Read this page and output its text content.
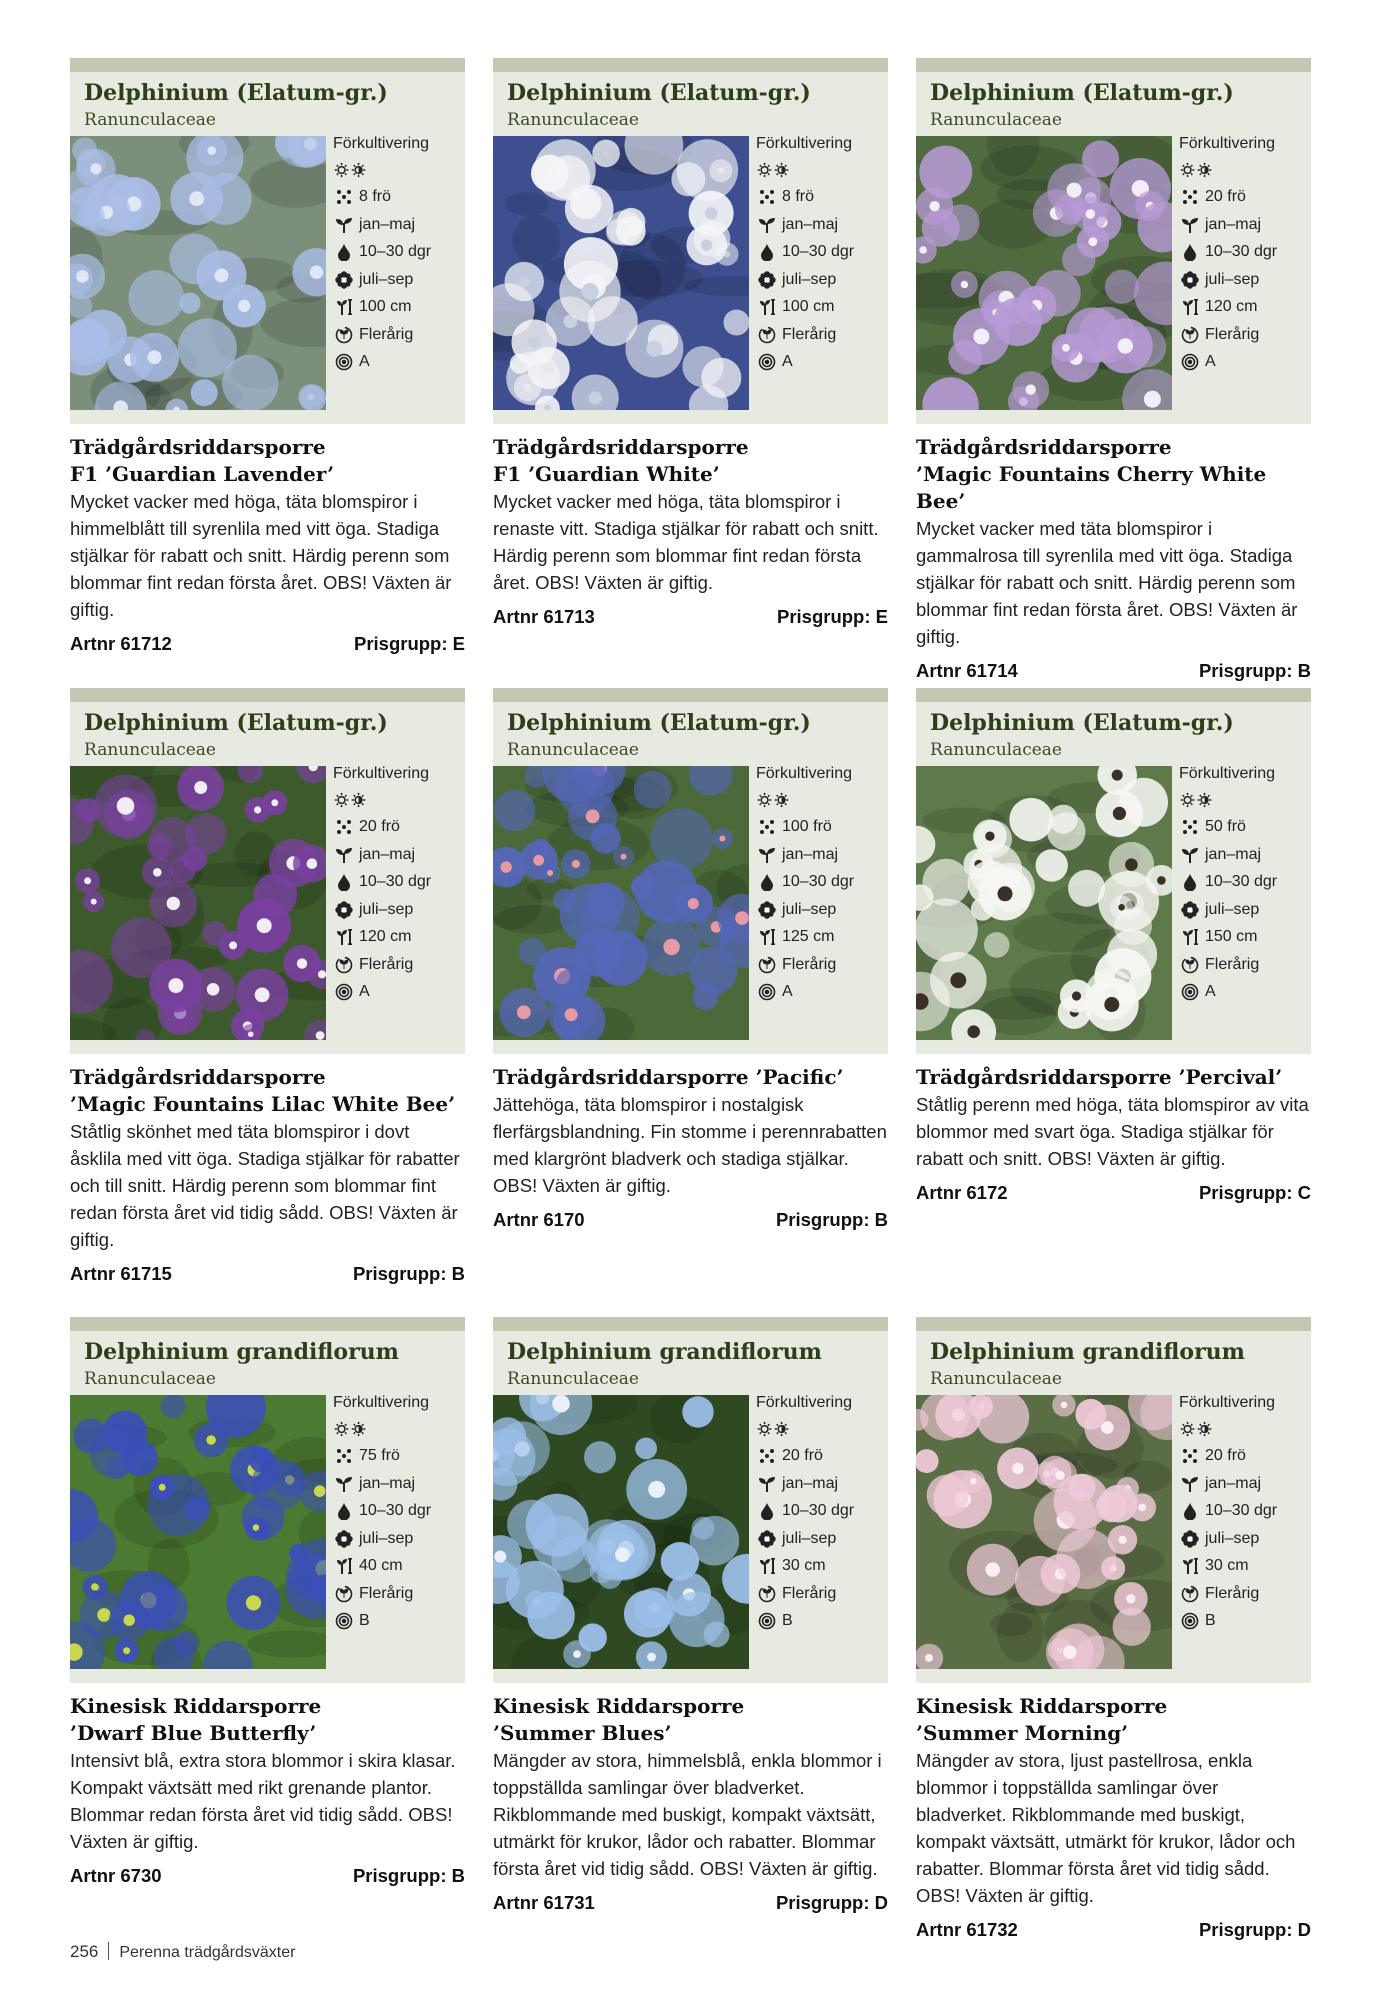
Delphinium (Elatum-gr.)
Ranunculaceae
Förkultivering
8 frö
jan–maj
10–30 dgr
juli–sep
100 cm
Flerårig
A
Trädgårdsriddarsporre
F1 ’Guardian Lavender’
Mycket vacker med höga, täta blomspiror i himmelblått till syrenlila med vitt öga. Stadiga stjälkar för rabatt och snitt. Härdig perenn som blommar fint redan första året. OBS! Växten är giftig.
Artnr 61712	Prisgrupp: E
Delphinium (Elatum-gr.)
Ranunculaceae
Förkultivering
8 frö
jan–maj
10–30 dgr
juli–sep
100 cm
Flerårig
A
Trädgårdsriddarsporre
F1 ’Guardian White’
Mycket vacker med höga, täta blomspiror i renaste vitt. Stadiga stjälkar för rabatt och snitt. Härdig perenn som blommar fint redan första året. OBS! Växten är giftig.
Artnr 61713	Prisgrupp: E
Delphinium (Elatum-gr.)
Ranunculaceae
Förkultivering
20 frö
jan–maj
10–30 dgr
juli–sep
120 cm
Flerårig
A
Trädgårdsriddarsporre
’Magic Fountains Cherry White Bee’
Mycket vacker med täta blomspiror i gammalrosa till syrenlila med vitt öga. Stadiga stjälkar för rabatt och snitt. Härdig perenn som blommar fint redan första året. OBS! Växten är giftig.
Artnr 61714	Prisgrupp: B
Delphinium (Elatum-gr.)
Ranunculaceae
Förkultivering
20 frö
jan–maj
10–30 dgr
juli–sep
120 cm
Flerårig
A
Trädgårdsriddarsporre
’Magic Fountains Lilac White Bee’
Ståtlig skönhet med täta blomspiror i dovt åsklila med vitt öga. Stadiga stjälkar för rabatter och till snitt. Härdig perenn som blommar fint redan första året vid tidig sådd. OBS! Växten är giftig.
Artnr 61715	Prisgrupp: B
Delphinium (Elatum-gr.)
Ranunculaceae
Förkultivering
100 frö
jan–maj
10–30 dgr
juli–sep
125 cm
Flerårig
A
Trädgårdsriddarsporre ’Pacific’
Jättehöga, täta blomspiror i nostalgisk flerfärgsblandning. Fin stomme i perennrabatten med klargrönt bladverk och stadiga stjälkar. OBS! Växten är giftig.
Artnr 6170	Prisgrupp: B
Delphinium (Elatum-gr.)
Ranunculaceae
Förkultivering
50 frö
jan–maj
10–30 dgr
juli–sep
150 cm
Flerårig
A
Trädgårdsriddarsporre ’Percival’
Ståtlig perenn med höga, täta blomspiror av vita blommor med svart öga. Stadiga stjälkar för rabatt och snitt. OBS! Växten är giftig.
Artnr 6172	Prisgrupp: C
Delphinium grandiflorum
Ranunculaceae
Förkultivering
75 frö
jan–maj
10–30 dgr
juli–sep
40 cm
Flerårig
B
Kinesisk Riddarsporre
’Dwarf Blue Butterfly’
Intensivt blå, extra stora blommor i skira klasar. Kompakt växtsätt med rikt grenande plantor. Blommar redan första året vid tidig sådd. OBS! Växten är giftig.
Artnr 6730	Prisgrupp: B
Delphinium grandiflorum
Ranunculaceae
Förkultivering
20 frö
jan–maj
10–30 dgr
juli–sep
30 cm
Flerårig
B
Kinesisk Riddarsporre
’Summer Blues’
Mängder av stora, himmelsblå, enkla blommor i toppställda samlingar över bladverket. Rikblommande med buskigt, kompakt växtsätt, utmärkt för krukor, lådor och rabatter. Blommar första året vid tidig sådd. OBS! Växten är giftig.
Artnr 61731	Prisgrupp: D
Delphinium grandiflorum
Ranunculaceae
Förkultivering
20 frö
jan–maj
10–30 dgr
juli–sep
30 cm
Flerårig
B
Kinesisk Riddarsporre
’Summer Morning’
Mängder av stora, ljust pastellrosa, enkla blommor i toppställda samlingar över bladverket. Rikblommande med buskigt, kompakt växtsätt, utmärkt för krukor, lådor och rabatter. Blommar första året vid tidig sådd. OBS! Växten är giftig.
Artnr 61732	Prisgrupp: D
256 Perenna trädgårdsväxter
